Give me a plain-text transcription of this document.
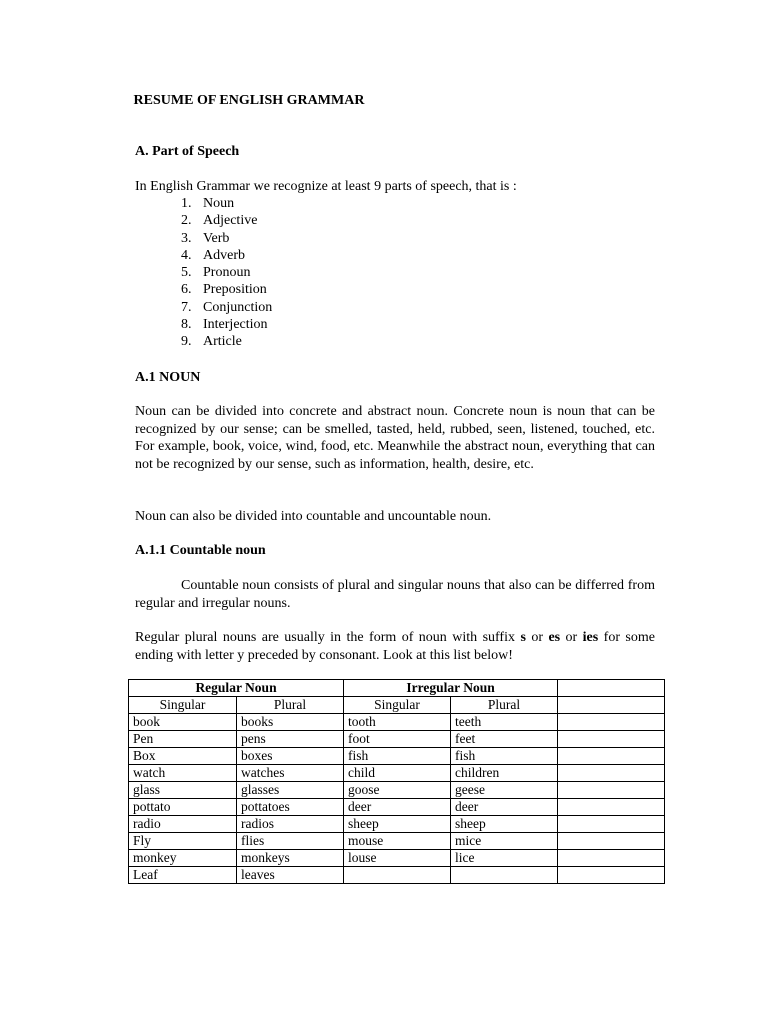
RESUME OF ENGLISH GRAMMAR
A. Part of Speech
In English Grammar we recognize at least 9 parts of speech, that is :
1. Noun
2. Adjective
3. Verb
4. Adverb
5. Pronoun
6. Preposition
7. Conjunction
8. Interjection
9. Article
A.1 NOUN
Noun can be divided into concrete and abstract noun. Concrete noun is noun that can be recognized by our sense; can be smelled, tasted, held, rubbed, seen, listened, touched, etc. For example, book, voice, wind, food, etc. Meanwhile the abstract noun, everything that can not be recognized by our sense, such as information, health, desire, etc.
Noun can also be divided into countable and uncountable noun.
A.1.1 Countable noun
Countable noun consists of plural and singular nouns that also can be differred from regular and irregular nouns.
Regular plural nouns are usually in the form of noun with suffix s or es or ies for some ending with letter y preceded by consonant. Look at this list below!
Regular Noun		Irregular Noun		
Singular	Plural	Singular	Plural	
book	books	tooth	teeth	
Pen	pens	foot	feet	
Box	boxes	fish	fish	
watch	watches	child	children	
glass	glasses	goose	geese	
pottato	pottatoes	deer	deer	
radio	radios	sheep	sheep	
Fly	flies	mouse	mice	
monkey	monkeys	louse	lice	
Leaf	leaves			
